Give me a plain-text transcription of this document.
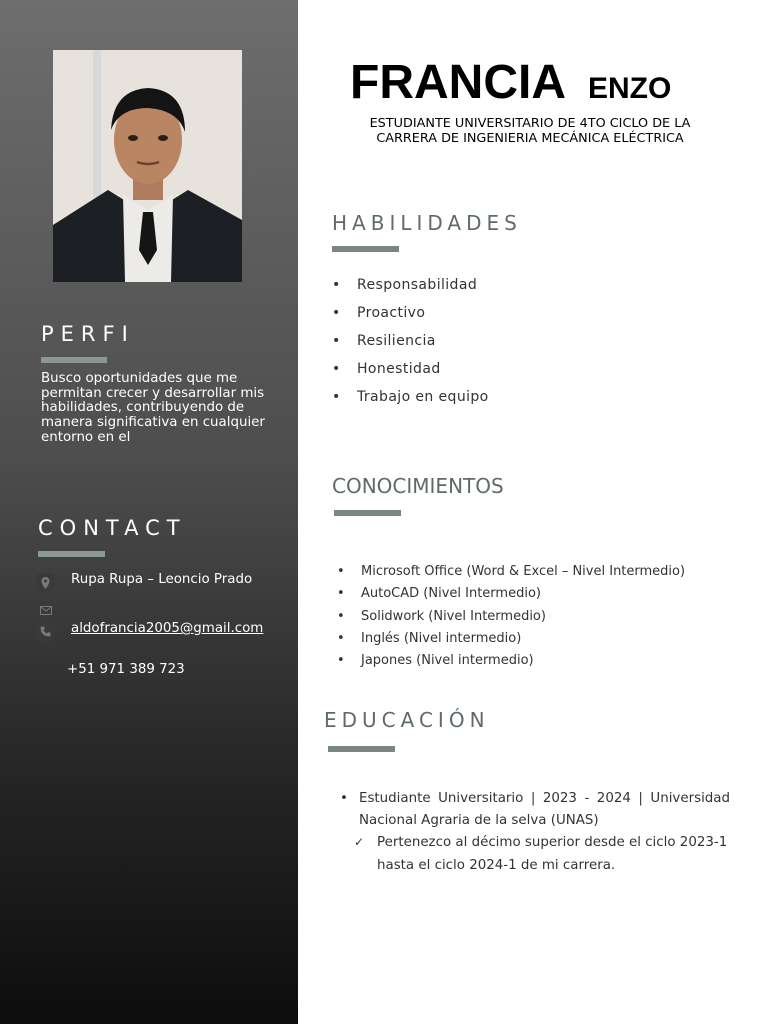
PERFI
Busco oportunidades que me permitan crecer y desarrollar mis habilidades, contribuyendo de manera significativa en cualquier entorno en el
CONTACT
Rupa Rupa – Leoncio Prado
aldofrancia2005@gmail.com
+51 971 389 723
FRANCIA ENZO
ESTUDIANTE UNIVERSITARIO DE 4TO CICLO DE LA CARRERA DE INGENIERIA MECÁNICA ELÉCTRICA
HABILIDADES
• Responsabilidad
• Proactivo
• Resiliencia
• Honestidad
• Trabajo en equipo
CONOCIMIENTOS
• Microsoft Office (Word & Excel – Nivel Intermedio)
• AutoCAD (Nivel Intermedio)
• Solidwork (Nivel Intermedio)
• Inglés (Nivel intermedio)
• Japones (Nivel intermedio)
EDUCACIÓN
• Estudiante Universitario | 2023 - 2024 | Universidad Nacional Agraria de la selva (UNAS)
✓ Pertenezco al décimo superior desde el ciclo 2023-1 hasta el ciclo 2024-1 de mi carrera.
